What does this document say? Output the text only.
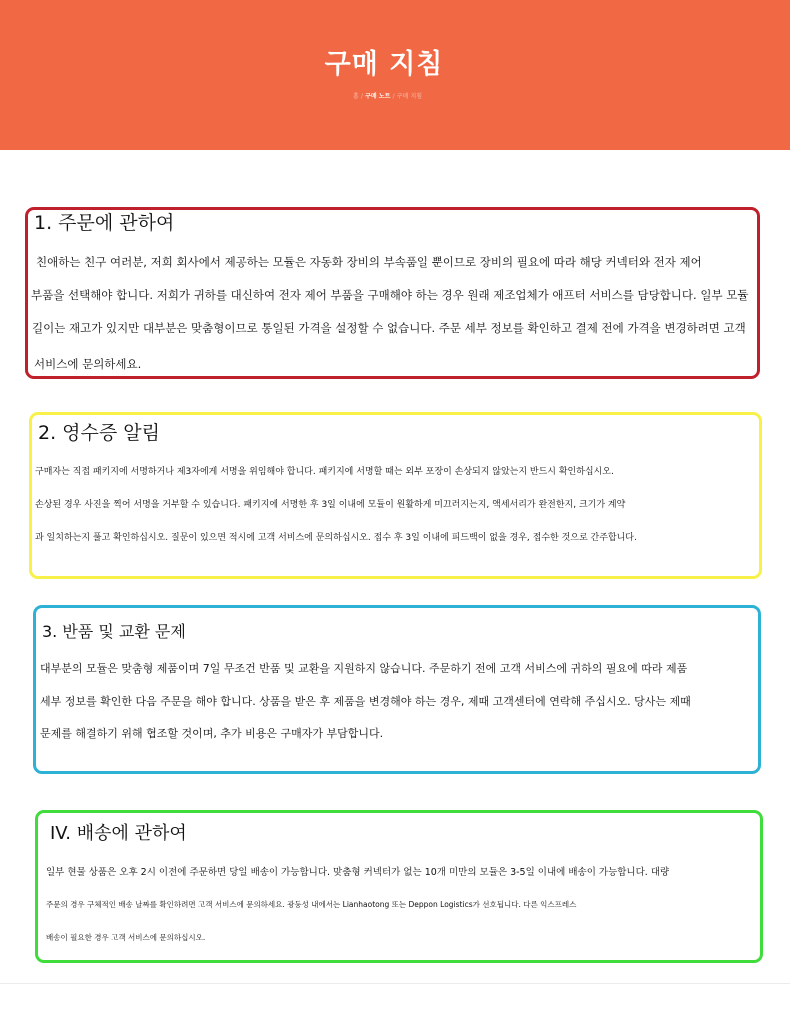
구매 지침
홈 / 구매 노트 / 구매 지침
1. 주문에 관하여
친애하는 친구 여러분, 저희 회사에서 제공하는 모듈은 자동화 장비의 부속품일 뿐이므로 장비의 필요에 따라 해당 커넥터와 전자 제어
부품을 선택해야 합니다. 저희가 귀하를 대신하여 전자 제어 부품을 구매해야 하는 경우 원래 제조업체가 애프터 서비스를 담당합니다. 일부 모듈
길이는 재고가 있지만 대부분은 맞춤형이므로 통일된 가격을 설정할 수 없습니다. 주문 세부 정보를 확인하고 결제 전에 가격을 변경하려면 고객
서비스에 문의하세요.
2. 영수증 알림
구매자는 직접 패키지에 서명하거나 제3자에게 서명을 위임해야 합니다. 패키지에 서명할 때는 외부 포장이 손상되지 않았는지 반드시 확인하십시오.
손상된 경우 사진을 찍어 서명을 거부할 수 있습니다. 패키지에 서명한 후 3일 이내에 모듈이 원활하게 미끄러지는지, 액세서리가 완전한지, 크기가 계약
과 일치하는지 풀고 확인하십시오. 질문이 있으면 적시에 고객 서비스에 문의하십시오. 접수 후 3일 이내에 피드백이 없을 경우, 접수한 것으로 간주합니다.
3. 반품 및 교환 문제
대부분의 모듈은 맞춤형 제품이며 7일 무조건 반품 및 교환을 지원하지 않습니다. 주문하기 전에 고객 서비스에 귀하의 필요에 따라 제품
세부 정보를 확인한 다음 주문을 해야 합니다. 상품을 받은 후 제품을 변경해야 하는 경우, 제때 고객센터에 연락해 주십시오. 당사는 제때
문제를 해결하기 위해 협조할 것이며, 추가 비용은 구매자가 부담합니다.
IV. 배송에 관하여
일부 현물 상품은 오후 2시 이전에 주문하면 당일 배송이 가능합니다. 맞춤형 커넥터가 없는 10개 미만의 모듈은 3-5일 이내에 배송이 가능합니다. 대량
주문의 경우 구체적인 배송 날짜를 확인하려면 고객 서비스에 문의하세요. 광둥성 내에서는 Lianhaotong 또는 Deppon Logistics가 선호됩니다. 다른 익스프레스
배송이 필요한 경우 고객 서비스에 문의하십시오.
